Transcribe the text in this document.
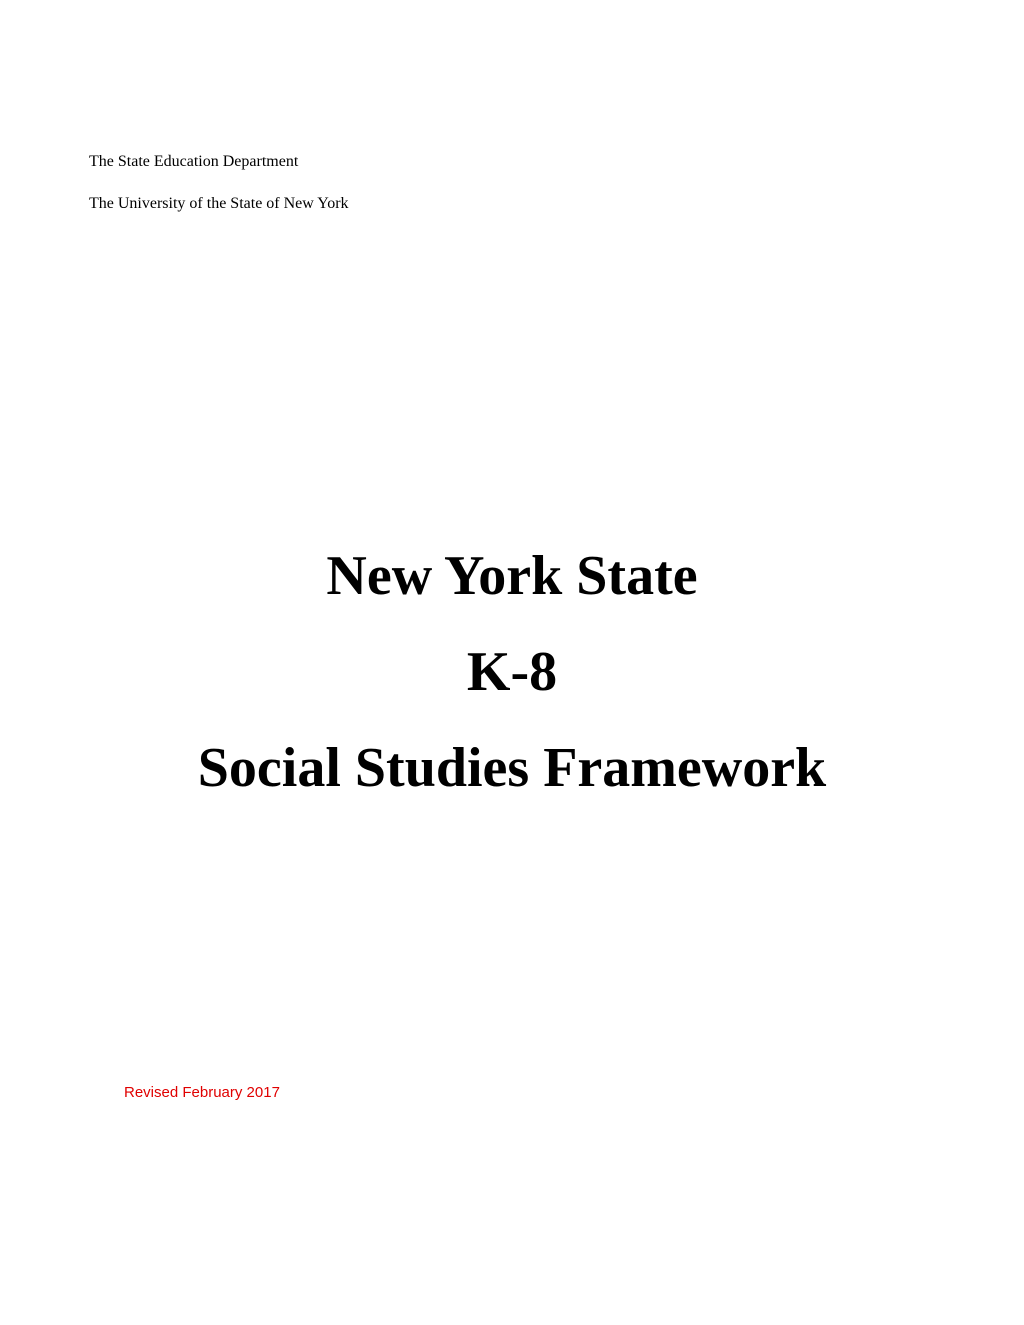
The State Education Department
The University of the State of New York
New York State
K-8
Social Studies Framework
Revised February 2017
